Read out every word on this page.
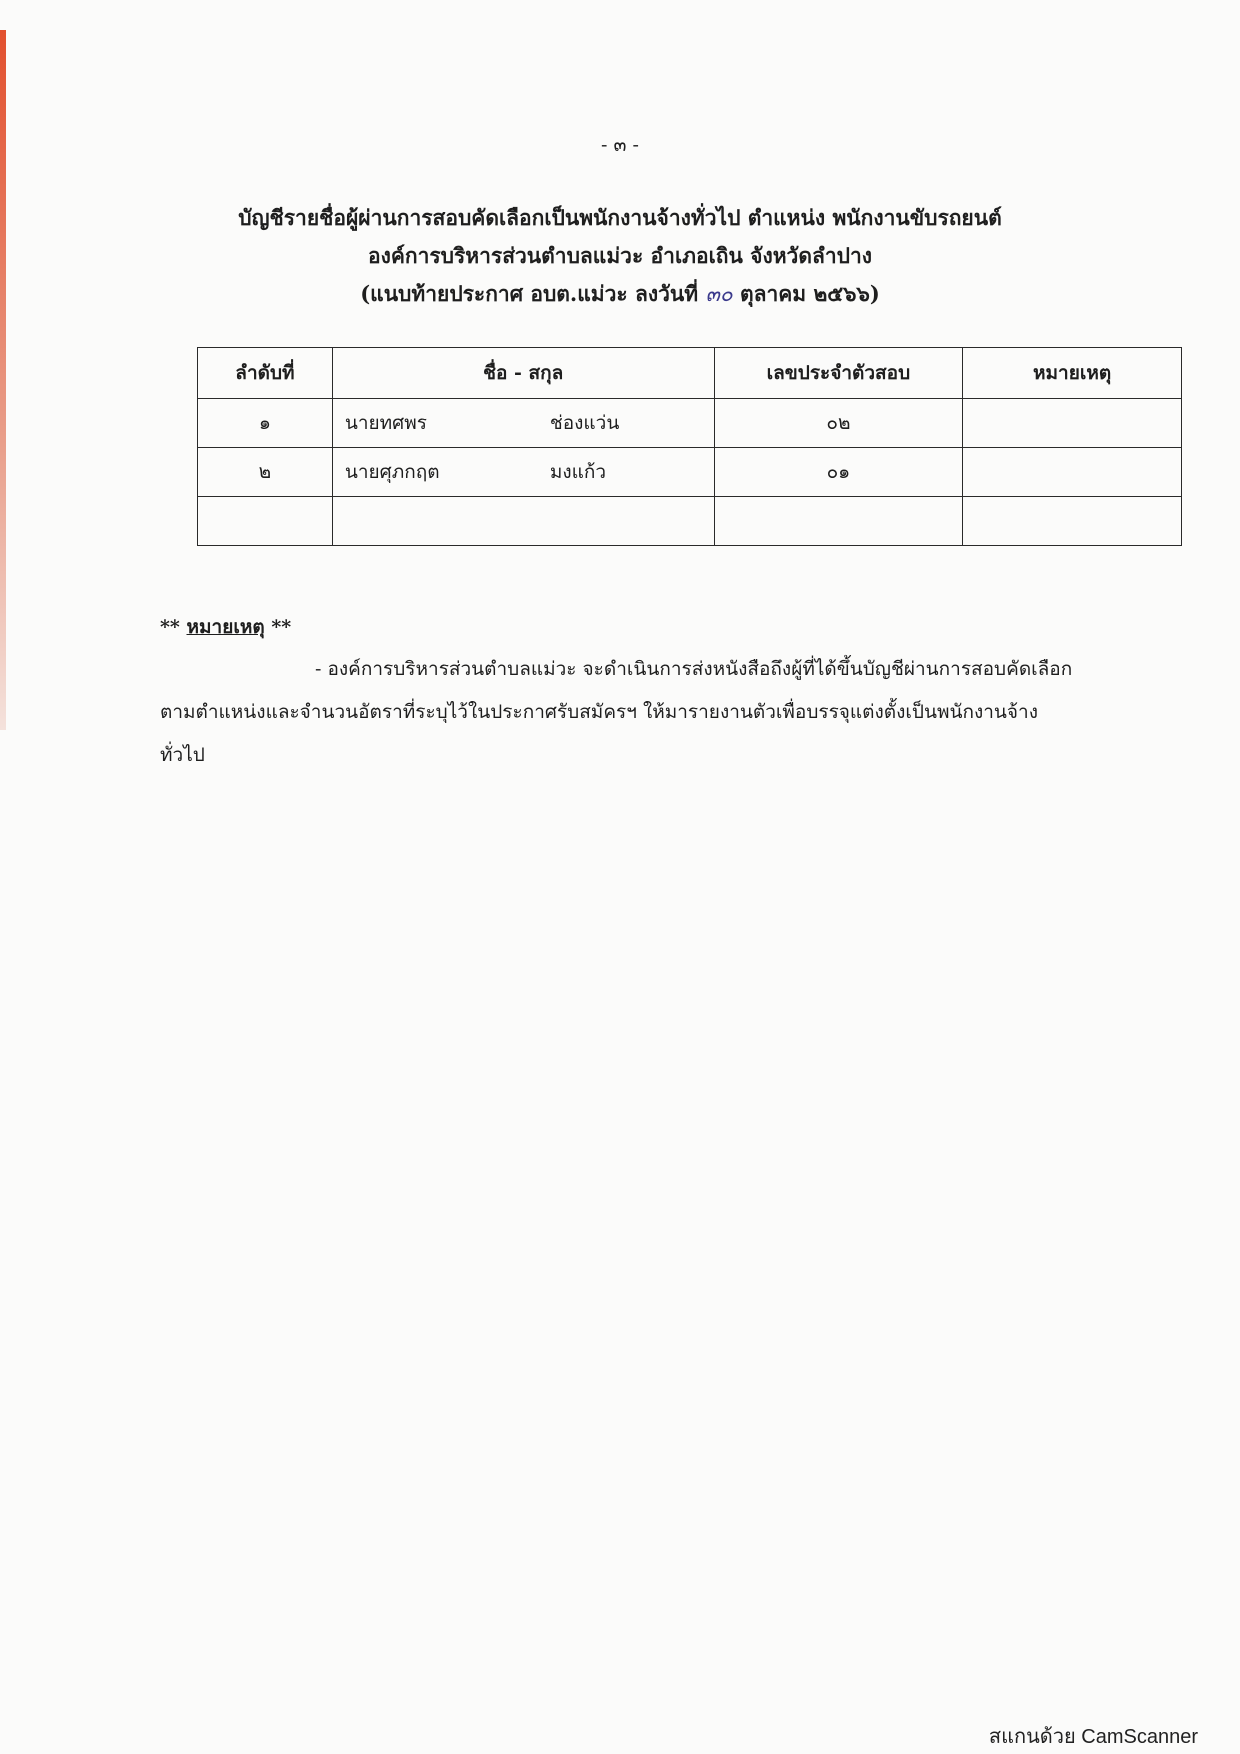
- ๓ -
บัญชีรายชื่อผู้ผ่านการสอบคัดเลือกเป็นพนักงานจ้างทั่วไป ตำแหน่ง พนักงานขับรถยนต์
องค์การบริหารส่วนตำบลแม่วะ อำเภอเถิน จังหวัดลำปาง
(แนบท้ายประกาศ อบต.แม่วะ ลงวันที่ ๓๐ ตุลาคม ๒๕๖๖)
ลำดับที่	ชื่อ - สกุล	เลขประจำตัวสอบ	หมายเหตุ
๑	นายทศพร ช่องแว่น	๐๒	
๒	นายศุภกฤต มงแก้ว	๐๑	

** หมายเหตุ **
- องค์การบริหารส่วนตำบลแม่วะ จะดำเนินการส่งหนังสือถึงผู้ที่ได้ขึ้นบัญชีผ่านการสอบคัดเลือก
ตามตำแหน่งและจำนวนอัตราที่ระบุไว้ในประกาศรับสมัครฯ ให้มารายงานตัวเพื่อบรรจุแต่งตั้งเป็นพนักงานจ้าง
ทั่วไป
สแกนด้วย CamScanner
